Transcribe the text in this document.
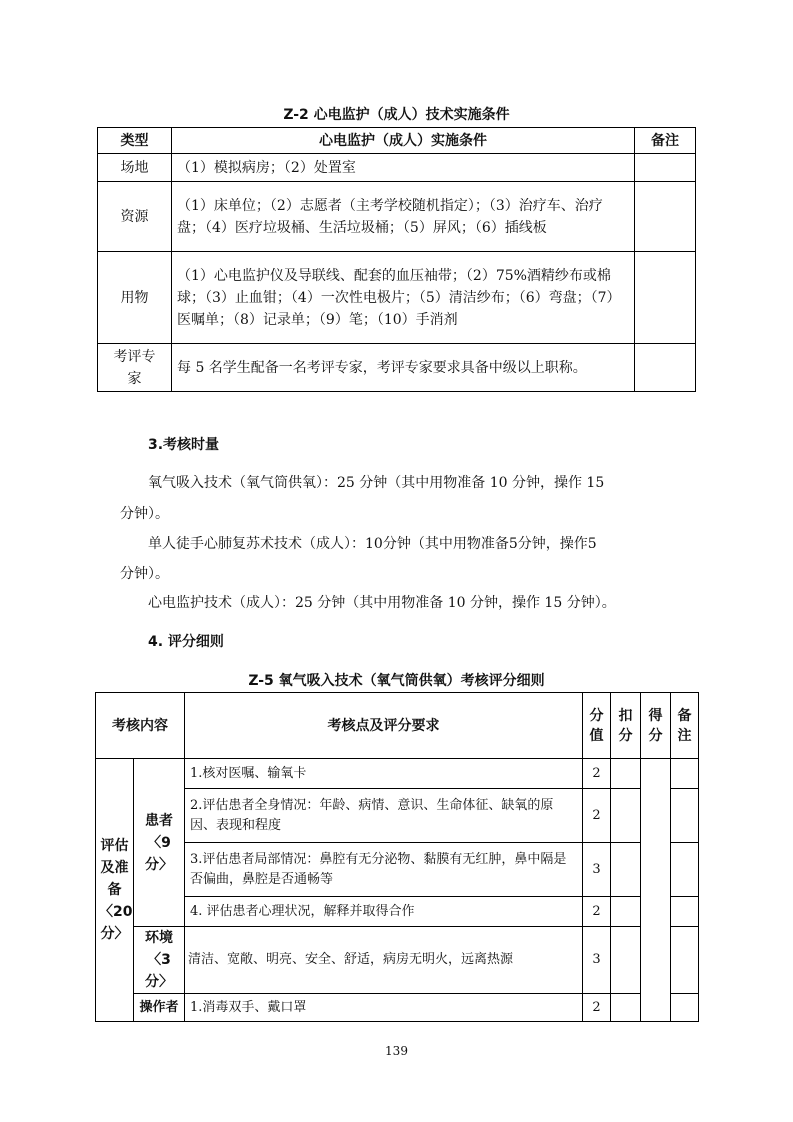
Z-2 心电监护（成人）技术实施条件
类型	心电监护（成人）实施条件	备注
场地	（1）模拟病房；（2）处置室	
资源	（1）床单位；（2）志愿者（主考学校随机指定）；（3）治疗车、治疗盘；（4）医疗垃圾桶、生活垃圾桶；（5）屏风；（6）插线板	
用物	（1）心电监护仪及导联线、配套的血压袖带；（2）75%酒精纱布或棉球；（3）止血钳；（4）一次性电极片；（5）清洁纱布；（6）弯盘；（7）医嘱单；（8）记录单；（9）笔；（10）手消剂	
考评专家	每 5 名学生配备一名考评专家，考评专家要求具备中级以上职称。	
3.考核时量
氧气吸入技术（氧气筒供氧）：25 分钟（其中用物准备 10 分钟，操作 15
分钟）。
单人徒手心肺复苏术技术（成人）：10分钟（其中用物准备5分钟，操作5
分钟）。
心电监护技术（成人）：25 分钟（其中用物准备 10 分钟，操作 15 分钟）。
4. 评分细则
Z-5 氧气吸入技术（氧气筒供氧）考核评分细则
考核内容		考核点及评分要求	分值	扣分	得分	备注
评估及准备〈20分〉	患者〈9分〉	1.核对医嘱、输氧卡	2			
		2.评估患者全身情况：年龄、病情、意识、生命体征、缺氧的原因、表现和程度	2			
		3.评估患者局部情况：鼻腔有无分泌物、黏膜有无红肿，鼻中隔是否偏曲，鼻腔是否通畅等	3			
		4. 评估患者心理状况，解释并取得合作	2			
	环境〈3分〉	清洁、宽敞、明亮、安全、舒适，病房无明火，远离热源	3			
	操作者	1.消毒双手、戴口罩	2			
139
